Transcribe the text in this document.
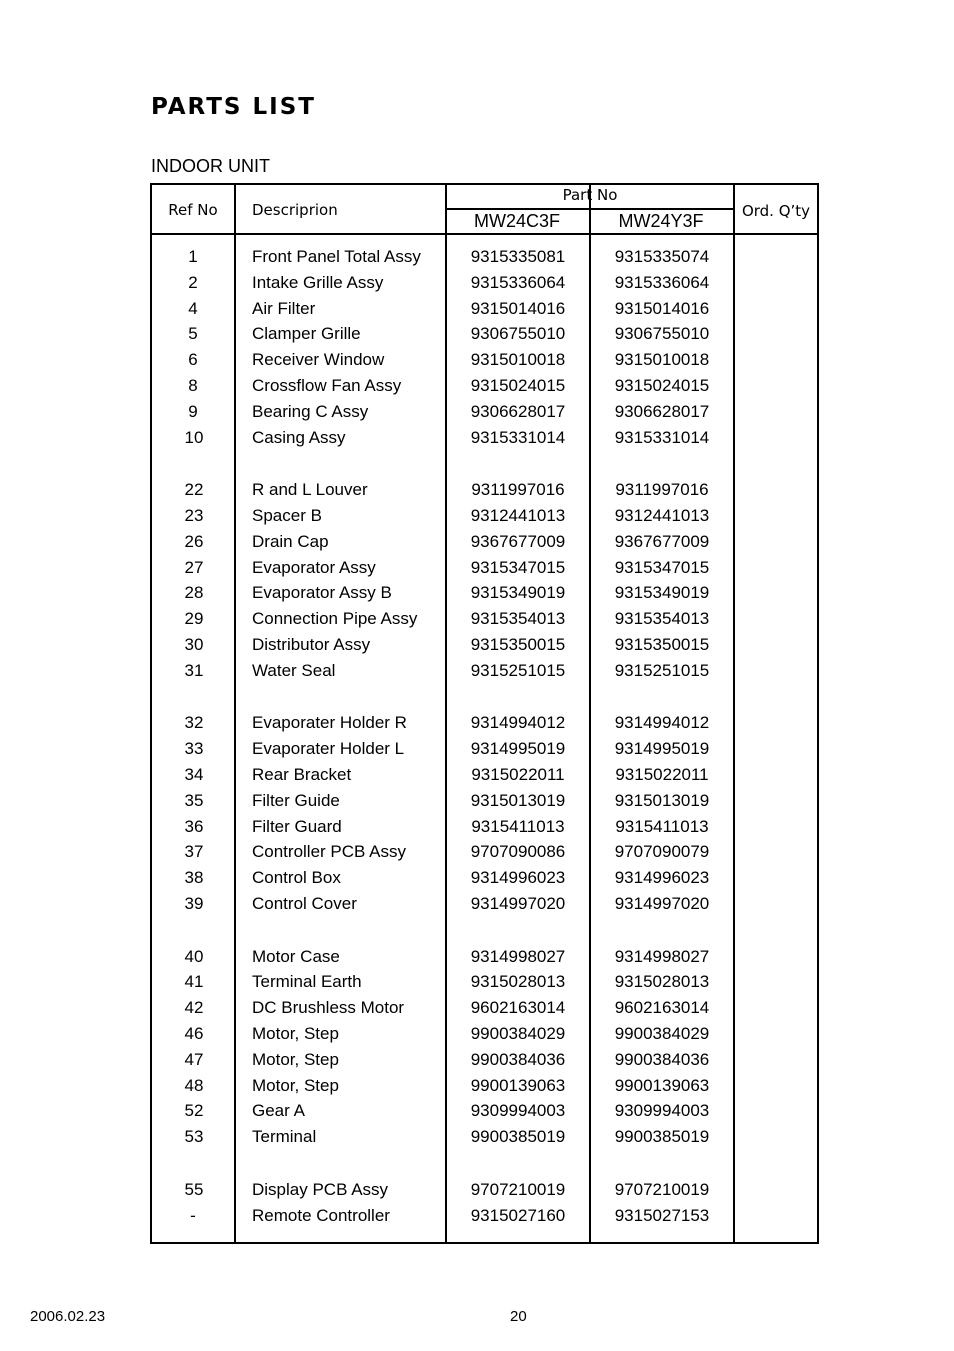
PARTS LIST
INDOOR UNIT
Ref No	Descriprion
Part No
MW24C3F	MW24Y3F	Ord. Q’ty
1	Front Panel Total Assy	9315335081	9315335074
2	Intake Grille Assy	9315336064	9315336064
4	Air Filter	9315014016	9315014016
5	Clamper Grille	9306755010	9306755010
6	Receiver Window	9315010018	9315010018
8	Crossflow Fan Assy	9315024015	9315024015
9	Bearing C Assy	9306628017	9306628017
10	Casing Assy	9315331014	9315331014
22	R and L Louver	9311997016	9311997016
23	Spacer B	9312441013	9312441013
26	Drain Cap	9367677009	9367677009
27	Evaporator Assy	9315347015	9315347015
28	Evaporator Assy B	9315349019	9315349019
29	Connection Pipe Assy	9315354013	9315354013
30	Distributor Assy	9315350015	9315350015
31	Water Seal	9315251015	9315251015
32	Evaporater Holder R	9314994012	9314994012
33	Evaporater Holder L	9314995019	9314995019
34	Rear Bracket	9315022011	9315022011
35	Filter Guide	9315013019	9315013019
36	Filter Guard	9315411013	9315411013
37	Controller PCB Assy	9707090086	9707090079
38	Control Box	9314996023	9314996023
39	Control Cover	9314997020	9314997020
40	Motor Case	9314998027	9314998027
41	Terminal Earth	9315028013	9315028013
42	DC Brushless Motor	9602163014	9602163014
46	Motor, Step	9900384029	9900384029
47	Motor, Step	9900384036	9900384036
48	Motor, Step	9900139063	9900139063
52	Gear A	9309994003	9309994003
53	Terminal	9900385019	9900385019
55	Display PCB Assy	9707210019	9707210019
-	Remote Controller	9315027160	9315027153
2006.02.23	20
